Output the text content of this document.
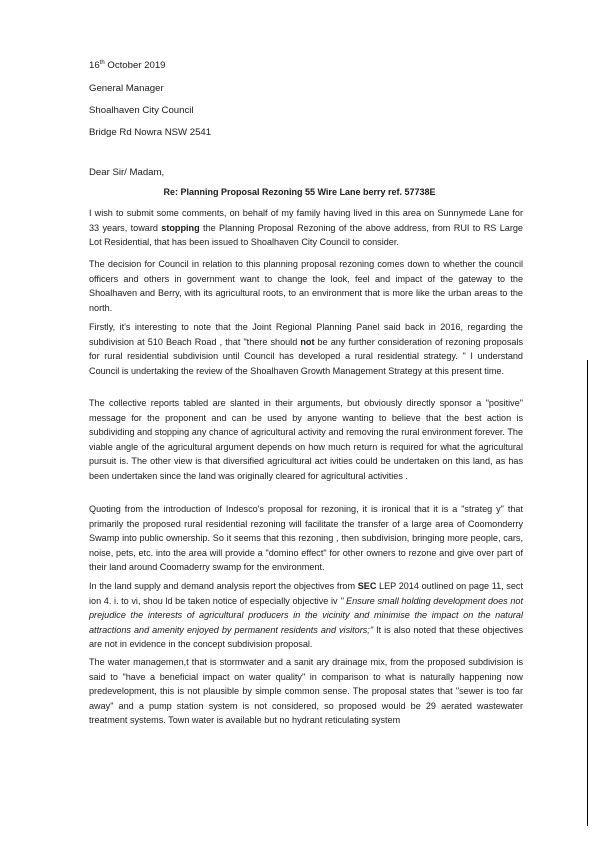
16th October 2019
General Manager
Shoalhaven City Council
Bridge Rd Nowra NSW 2541
Dear Sir/ Madam,
Re: Planning Proposal Rezoning 55 Wire Lane berry ref. 57738E
I wish to submit some comments, on behalf of my family having lived in this area on Sunnymede Lane for 33 years, toward stopping the Planning Proposal Rezoning of the above address, from RUI to RS Large Lot Residential, that has been issued to Shoalhaven City Council to consider.
The decision for Council in relation to this planning proposal rezoning comes down to whether the council officers and others in government want to change the look, feel and impact of the gateway to the Shoalhaven and Berry, with its agricultural roots, to an environment that is more like the urban areas to the north.
Firstly, it's interesting to note that the Joint Regional Planning Panel said back in 2016, regarding the subdivision at 510 Beach Road , that "there should not be any further consideration of rezoning proposals for rural residential subdivision until Council has developed a rural residential strategy. " I understand Council is undertaking the review of the Shoalhaven Growth Management Strategy at this present time.
The collective reports tabled are slanted in their arguments, but obviously directly sponsor a "positive" message for the proponent and can be used by anyone wanting to believe that the best action is subdividing and stopping any chance of agricultural activity and removing the rural environment forever. The viable angle of the agricultural argument depends on how much return is required for what the agricultural pursuit is. The other view is that diversified agricultural act ivities could be undertaken on this land, as has been undertaken since the land was originally cleared for agricultural activities .
Quoting from the introduction of Indesco's proposal for rezoning, it is ironical that it is a "strateg y" that primarily the proposed rural residential rezoning will facilitate the transfer of a large area of Coomonderry Swamp into public ownership. So it seems that this rezoning , then subdivision, bringing more people, cars, noise, pets, etc. into the area will provide a "domino effect" for other owners to rezone and give over part of their land around Coomaderry swamp for the environment.
In the land supply and demand analysis report the objectives from SEC LEP 2014 outlined on page 11, sect ion 4. i. to vi, shou ld be taken notice of especially objective iv " Ensure small holding development does not prejudice the interests of agricultural producers in the vicinity and minimise the impact on the natural attractions and amenity enjoyed by permanent residents and visitors;" It is also noted that these objectives are not in evidence in the concept subdivision proposal.
The water managemen,t that is stormwater and a sanit ary drainage mix, from the proposed subdivision is said to "have a beneficial impact on water quality" in comparison to what is naturally happening now predevelopment, this is not plausible by simple common sense. The proposal states that "sewer is too far away" and a pump station system is not considered, so proposed would be 29 aerated wastewater treatment systems. Town water is available but no hydrant reticulating system
